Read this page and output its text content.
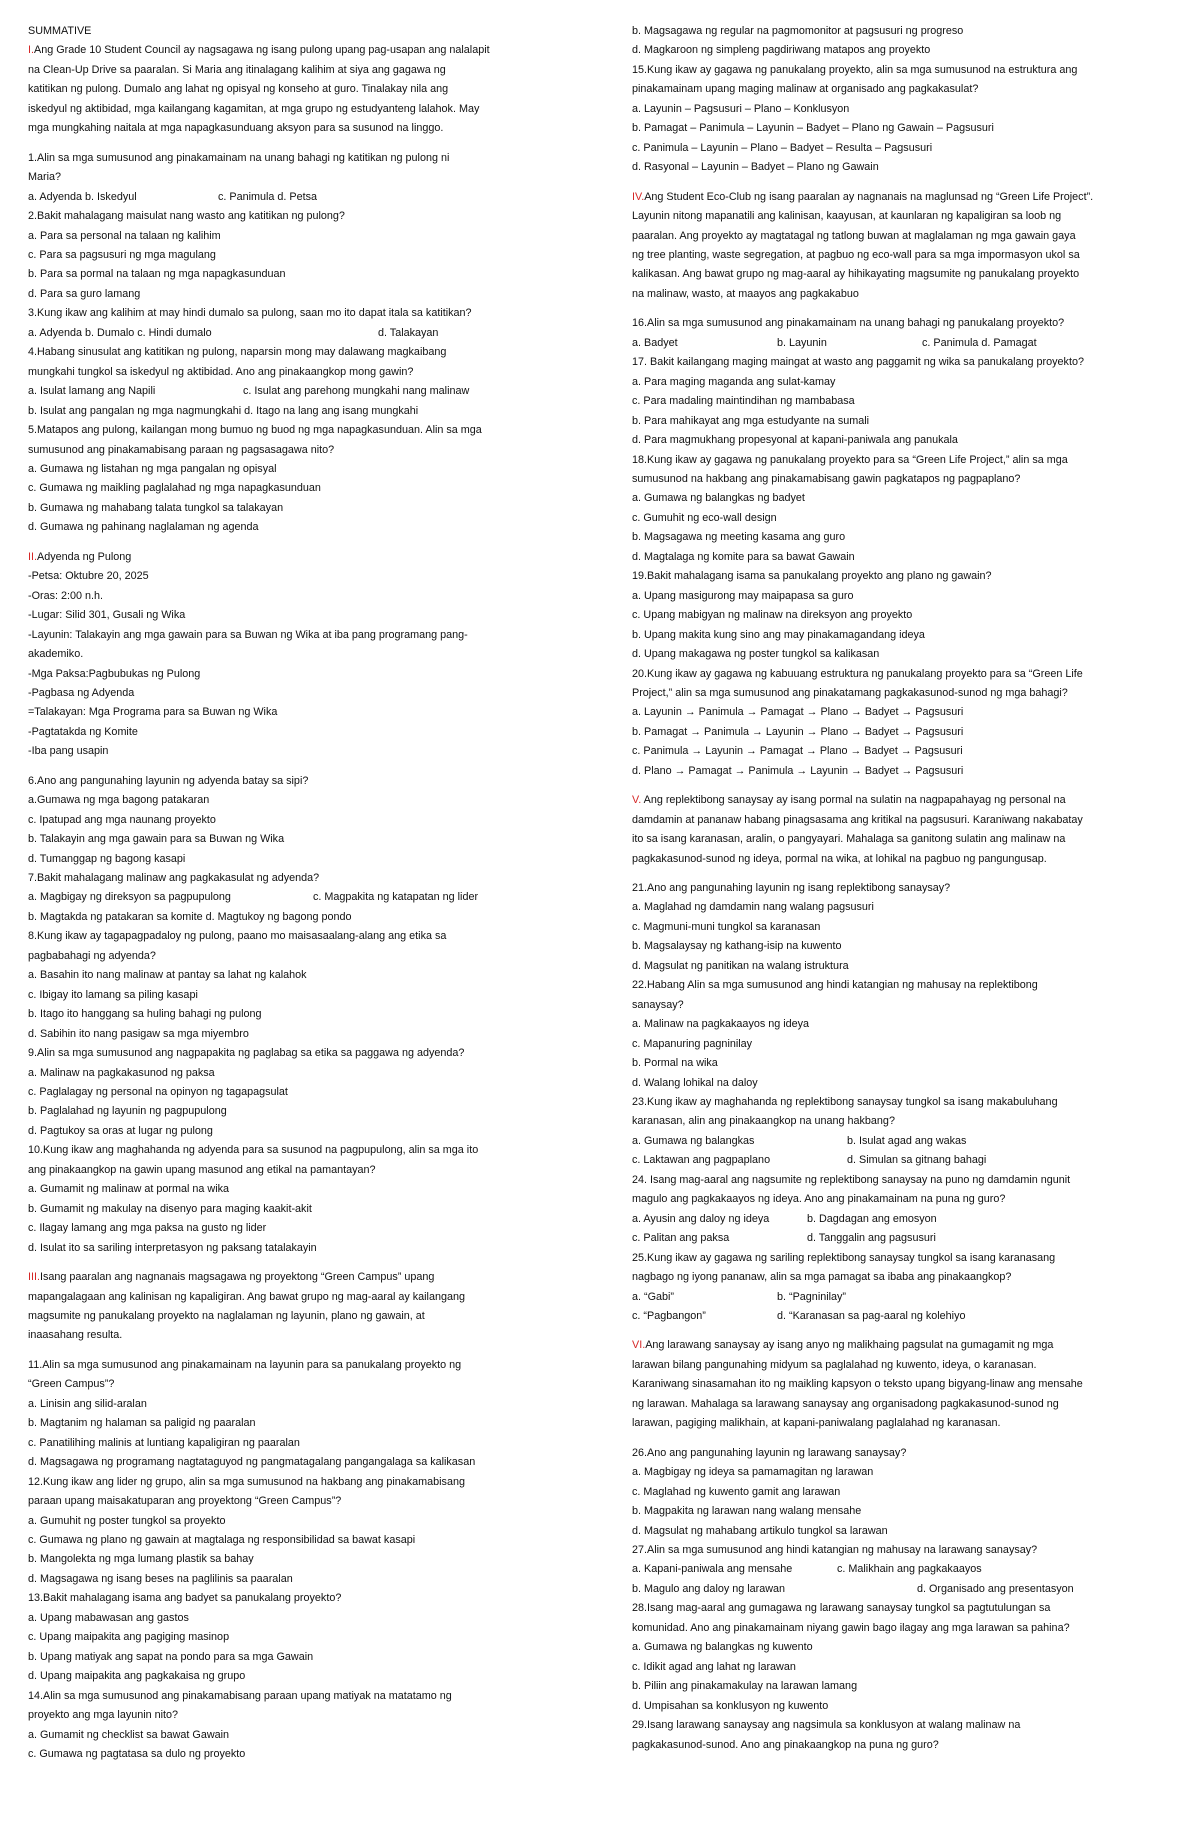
SUMMATIVE
I.Ang Grade 10 Student Council ay nagsagawa ng isang pulong upang pag-usapan ang nalalapit
na Clean-Up Drive sa paaralan. Si Maria ang itinalagang kalihim at siya ang gagawa ng
katitikan ng pulong. Dumalo ang lahat ng opisyal ng konseho at guro. Tinalakay nila ang
iskedyul ng aktibidad, mga kailangang kagamitan, at mga grupo ng estudyanteng lalahok. May
mga mungkahing naitala at mga napagkasunduang aksyon para sa susunod na linggo.
1.Alin sa mga sumusunod ang pinakamainam na unang bahagi ng katitikan ng pulong ni
Maria?
a. Adyenda b. Iskedyul	c. Panimula d. Petsa
2.Bakit mahalagang maisulat nang wasto ang katitikan ng pulong?
a. Para sa personal na talaan ng kalihim
c. Para sa pagsusuri ng mga magulang
b. Para sa pormal na talaan ng mga napagkasunduan
d. Para sa guro lamang
3.Kung ikaw ang kalihim at may hindi dumalo sa pulong, saan mo ito dapat itala sa katitikan?
a. Adyenda b. Dumalo c. Hindi dumalo	d. Talakayan
4.Habang sinusulat ang katitikan ng pulong, naparsin mong may dalawang magkaibang
mungkahi tungkol sa iskedyul ng aktibidad. Ano ang pinakaangkop mong gawin?
a. Isulat lamang ang Napili	c. Isulat ang parehong mungkahi nang malinaw
b. Isulat ang pangalan ng mga nagmungkahi d. Itago na lang ang isang mungkahi
5.Matapos ang pulong, kailangan mong bumuo ng buod ng mga napagkasunduan. Alin sa mga
sumusunod ang pinakamabisang paraan ng pagsasagawa nito?
a. Gumawa ng listahan ng mga pangalan ng opisyal
c. Gumawa ng maikling paglalahad ng mga napagkasunduan
b. Gumawa ng mahabang talata tungkol sa talakayan
d. Gumawa ng pahinang naglalaman ng agenda
II.Adyenda ng Pulong
-Petsa: Oktubre 20, 2025
-Oras: 2:00 n.h.
-Lugar: Silid 301, Gusali ng Wika
-Layunin: Talakayin ang mga gawain para sa Buwan ng Wika at iba pang programang pang-
akademiko.
-Mga Paksa:Pagbubukas ng Pulong
-Pagbasa ng Adyenda
=Talakayan: Mga Programa para sa Buwan ng Wika
-Pagtatakda ng Komite
-Iba pang usapin
6.Ano ang pangunahing layunin ng adyenda batay sa sipi?
a.Gumawa ng mga bagong patakaran
c. Ipatupad ang mga naunang proyekto
b. Talakayin ang mga gawain para sa Buwan ng Wika
d. Tumanggap ng bagong kasapi
7.Bakit mahalagang malinaw ang pagkakasulat ng adyenda?
a. Magbigay ng direksyon sa pagpupulong	c. Magpakita ng katapatan ng lider
b. Magtakda ng patakaran sa komite d. Magtukoy ng bagong pondo
8.Kung ikaw ay tagapagpadaloy ng pulong, paano mo maisasaalang-alang ang etika sa
pagbabahagi ng adyenda?
a. Basahin ito nang malinaw at pantay sa lahat ng kalahok
c. Ibigay ito lamang sa piling kasapi
b. Itago ito hanggang sa huling bahagi ng pulong
d. Sabihin ito nang pasigaw sa mga miyembro
9.Alin sa mga sumusunod ang nagpapakita ng paglabag sa etika sa paggawa ng adyenda?
a. Malinaw na pagkakasunod ng paksa
c. Paglalagay ng personal na opinyon ng tagapagsulat
b. Paglalahad ng layunin ng pagpupulong
d. Pagtukoy sa oras at lugar ng pulong
10.Kung ikaw ang maghahanda ng adyenda para sa susunod na pagpupulong, alin sa mga ito
ang pinakaangkop na gawin upang masunod ang etikal na pamantayan?
a. Gumamit ng malinaw at pormal na wika
b. Gumamit ng makulay na disenyo para maging kaakit-akit
c. Ilagay lamang ang mga paksa na gusto ng lider
d. Isulat ito sa sariling interpretasyon ng paksang tatalakayin
III.Isang paaralan ang nagnanais magsagawa ng proyektong “Green Campus” upang
mapangalagaan ang kalinisan ng kapaligiran. Ang bawat grupo ng mag-aaral ay kailangang
magsumite ng panukalang proyekto na naglalaman ng layunin, plano ng gawain, at
inaasahang resulta.
11.Alin sa mga sumusunod ang pinakamainam na layunin para sa panukalang proyekto ng
“Green Campus”?
a. Linisin ang silid-aralan
b. Magtanim ng halaman sa paligid ng paaralan
c. Panatilihing malinis at luntiang kapaligiran ng paaralan
d. Magsagawa ng programang nagtataguyod ng pangmatagalang pangangalaga sa kalikasan
12.Kung ikaw ang lider ng grupo, alin sa mga sumusunod na hakbang ang pinakamabisang
paraan upang maisakatuparan ang proyektong “Green Campus”?
a. Gumuhit ng poster tungkol sa proyekto
c. Gumawa ng plano ng gawain at magtalaga ng responsibilidad sa bawat kasapi
b. Mangolekta ng mga lumang plastik sa bahay
d. Magsagawa ng isang beses na paglilinis sa paaralan
13.Bakit mahalagang isama ang badyet sa panukalang proyekto?
a. Upang mabawasan ang gastos
c. Upang maipakita ang pagiging masinop
b. Upang matiyak ang sapat na pondo para sa mga Gawain
d. Upang maipakita ang pagkakaisa ng grupo
14.Alin sa mga sumusunod ang pinakamabisang paraan upang matiyak na matatamo ng
proyekto ang mga layunin nito?
a. Gumamit ng checklist sa bawat Gawain
c. Gumawa ng pagtatasa sa dulo ng proyekto
b. Magsagawa ng regular na pagmomonitor at pagsusuri ng progreso
d. Magkaroon ng simpleng pagdiriwang matapos ang proyekto
15.Kung ikaw ay gagawa ng panukalang proyekto, alin sa mga sumusunod na estruktura ang
pinakamainam upang maging malinaw at organisado ang pagkakasulat?
a. Layunin – Pagsusuri – Plano – Konklusyon
b. Pamagat – Panimula – Layunin – Badyet – Plano ng Gawain – Pagsusuri
c. Panimula – Layunin – Plano – Badyet – Resulta – Pagsusuri
d. Rasyonal – Layunin – Badyet – Plano ng Gawain
IV.Ang Student Eco-Club ng isang paaralan ay nagnanais na maglunsad ng “Green Life Project”.
Layunin nitong mapanatili ang kalinisan, kaayusan, at kaunlaran ng kapaligiran sa loob ng
paaralan. Ang proyekto ay magtatagal ng tatlong buwan at maglalaman ng mga gawain gaya
ng tree planting, waste segregation, at pagbuo ng eco-wall para sa mga impormasyon ukol sa
kalikasan. Ang bawat grupo ng mag-aaral ay hihikayating magsumite ng panukalang proyekto
na malinaw, wasto, at maayos ang pagkakabuo
16.Alin sa mga sumusunod ang pinakamainam na unang bahagi ng panukalang proyekto?
a. Badyet	b. Layunin	c. Panimula d. Pamagat
17. Bakit kailangang maging maingat at wasto ang paggamit ng wika sa panukalang proyekto?
a. Para maging maganda ang sulat-kamay
c. Para madaling maintindihan ng mambabasa
b. Para mahikayat ang mga estudyante na sumali
d. Para magmukhang propesyonal at kapani-paniwala ang panukala
18.Kung ikaw ay gagawa ng panukalang proyekto para sa “Green Life Project,” alin sa mga
sumusunod na hakbang ang pinakamabisang gawin pagkatapos ng pagpaplano?
a. Gumawa ng balangkas ng badyet
c. Gumuhit ng eco-wall design
b. Magsagawa ng meeting kasama ang guro
d. Magtalaga ng komite para sa bawat Gawain
19.Bakit mahalagang isama sa panukalang proyekto ang plano ng gawain?
a. Upang masigurong may maipapasa sa guro
c. Upang mabigyan ng malinaw na direksyon ang proyekto
b. Upang makita kung sino ang may pinakamagandang ideya
d. Upang makagawa ng poster tungkol sa kalikasan
20.Kung ikaw ay gagawa ng kabuuang estruktura ng panukalang proyekto para sa “Green Life
Project,” alin sa mga sumusunod ang pinakatamang pagkakasunod-sunod ng mga bahagi?
a. Layunin → Panimula → Pamagat → Plano → Badyet → Pagsusuri
b. Pamagat → Panimula → Layunin → Plano → Badyet → Pagsusuri
c. Panimula → Layunin → Pamagat → Plano → Badyet → Pagsusuri
d. Plano → Pamagat → Panimula → Layunin → Badyet → Pagsusuri
V. Ang replektibong sanaysay ay isang pormal na sulatin na nagpapahayag ng personal na
damdamin at pananaw habang pinagsasama ang kritikal na pagsusuri. Karaniwang nakabatay
ito sa isang karanasan, aralin, o pangyayari. Mahalaga sa ganitong sulatin ang malinaw na
pagkakasunod-sunod ng ideya, pormal na wika, at lohikal na pagbuo ng pangungusap.
21.Ano ang pangunahing layunin ng isang replektibong sanaysay?
a. Maglahad ng damdamin nang walang pagsusuri
c. Magmuni-muni tungkol sa karanasan
b. Magsalaysay ng kathang-isip na kuwento
d. Magsulat ng panitikan na walang istruktura
22.Habang Alin sa mga sumusunod ang hindi katangian ng mahusay na replektibong
sanaysay?
a. Malinaw na pagkakaayos ng ideya
c. Mapanuring pagninilay
b. Pormal na wika
d. Walang lohikal na daloy
23.Kung ikaw ay maghahanda ng replektibong sanaysay tungkol sa isang makabuluhang
karanasan, alin ang pinakaangkop na unang hakbang?
a. Gumawa ng balangkas	b. Isulat agad ang wakas
c. Laktawan ang pagpaplano	d. Simulan sa gitnang bahagi
24. Isang mag-aaral ang nagsumite ng replektibong sanaysay na puno ng damdamin ngunit
magulo ang pagkakaayos ng ideya. Ano ang pinakamainam na puna ng guro?
a. Ayusin ang daloy ng ideya	b. Dagdagan ang emosyon
c. Palitan ang paksa	d. Tanggalin ang pagsusuri
25.Kung ikaw ay gagawa ng sariling replektibong sanaysay tungkol sa isang karanasang
nagbago ng iyong pananaw, alin sa mga pamagat sa ibaba ang pinakaangkop?
a. “Gabi”	b. “Pagninilay”
c. “Pagbangon”	d. “Karanasan sa pag-aaral ng kolehiyo
VI.Ang larawang sanaysay ay isang anyo ng malikhaing pagsulat na gumagamit ng mga
larawan bilang pangunahing midyum sa paglalahad ng kuwento, ideya, o karanasan.
Karaniwang sinasamahan ito ng maikling kapsyon o teksto upang bigyang-linaw ang mensahe
ng larawan. Mahalaga sa larawang sanaysay ang organisadong pagkakasunod-sunod ng
larawan, pagiging malikhain, at kapani-paniwalang paglalahad ng karanasan.
26.Ano ang pangunahing layunin ng larawang sanaysay?
a. Magbigay ng ideya sa pamamagitan ng larawan
c. Maglahad ng kuwento gamit ang larawan
b. Magpakita ng larawan nang walang mensahe
d. Magsulat ng mahabang artikulo tungkol sa larawan
27.Alin sa mga sumusunod ang hindi katangian ng mahusay na larawang sanaysay?
a. Kapani-paniwala ang mensahe	c. Malikhain ang pagkakaayos
b. Magulo ang daloy ng larawan	d. Organisado ang presentasyon
28.Isang mag-aaral ang gumagawa ng larawang sanaysay tungkol sa pagtutulungan sa
komunidad. Ano ang pinakamainam niyang gawin bago ilagay ang mga larawan sa pahina?
a. Gumawa ng balangkas ng kuwento
c. Idikit agad ang lahat ng larawan
b. Piliin ang pinakamakulay na larawan lamang
d. Umpisahan sa konklusyon ng kuwento
29.Isang larawang sanaysay ang nagsimula sa konklusyon at walang malinaw na
pagkakasunod-sunod. Ano ang pinakaangkop na puna ng guro?
